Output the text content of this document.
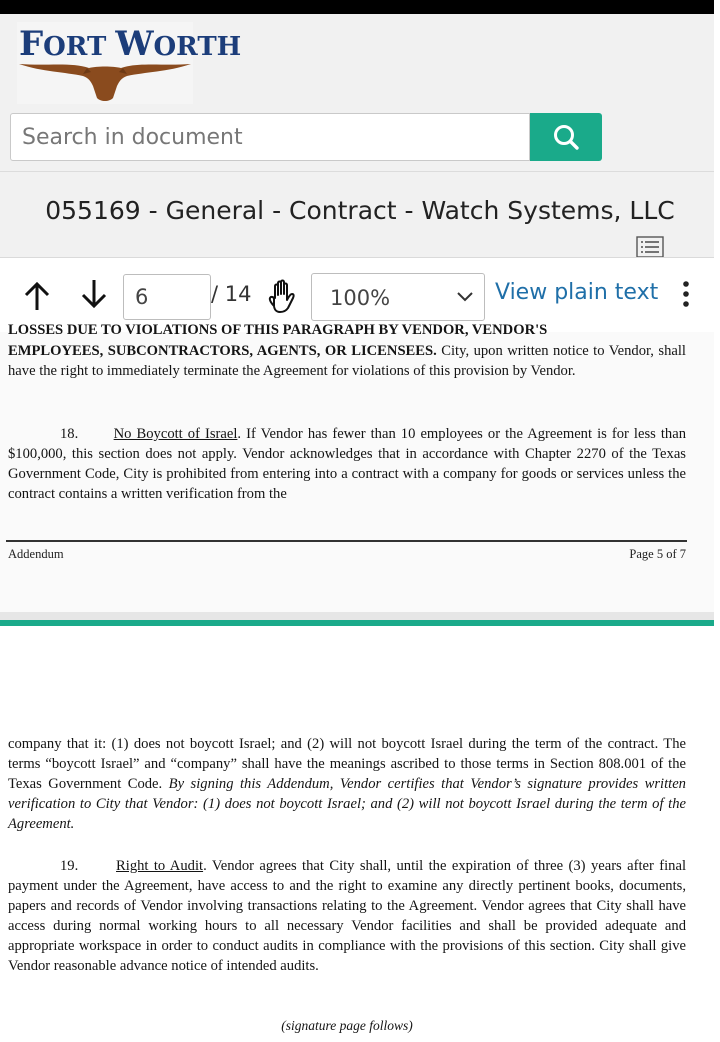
FORT WORTH
Search in document
055169 - General - Contract - Watch Systems, LLC
6
/ 14	100%	View plain text
LOSSES DUE TO VIOLATIONS OF THIS PARAGRAPH BY VENDOR, VENDOR'S

EMPLOYEES, SUBCONTRACTORS, AGENTS, OR LICENSEES. City, upon written notice to Vendor, shall have the right to immediately terminate the Agreement for violations of this provision by Vendor.

18. No Boycott of Israel. If Vendor has fewer than 10 employees or the Agreement is for less than $100,000, this section does not apply. Vendor acknowledges that in accordance with Chapter 2270 of the Texas Government Code, City is prohibited from entering into a contract with a company for goods or services unless the contract contains a written verification from the

Addendum	Page 5 of 7

company that it: (1) does not boycott Israel; and (2) will not boycott Israel during the term of the contract. The terms “boycott Israel” and “company” shall have the meanings ascribed to those terms in Section 808.001 of the Texas Government Code. By signing this Addendum, Vendor certifies that Vendor’s signature provides written verification to City that Vendor: (1) does not boycott Israel; and (2) will not boycott Israel during the term of the Agreement.

19.	Right to Audit. Vendor agrees that City shall, until the expiration of three (3) years after final payment under the Agreement, have access to and the right to examine any directly pertinent books, documents, papers and records of Vendor involving transactions relating to the Agreement. Vendor agrees that City shall have access during normal working hours to all necessary Vendor facilities and shall be provided adequate and appropriate workspace in order to conduct audits in compliance with the provisions of this section. City shall give Vendor reasonable advance notice of intended audits.

(signature page follows)
